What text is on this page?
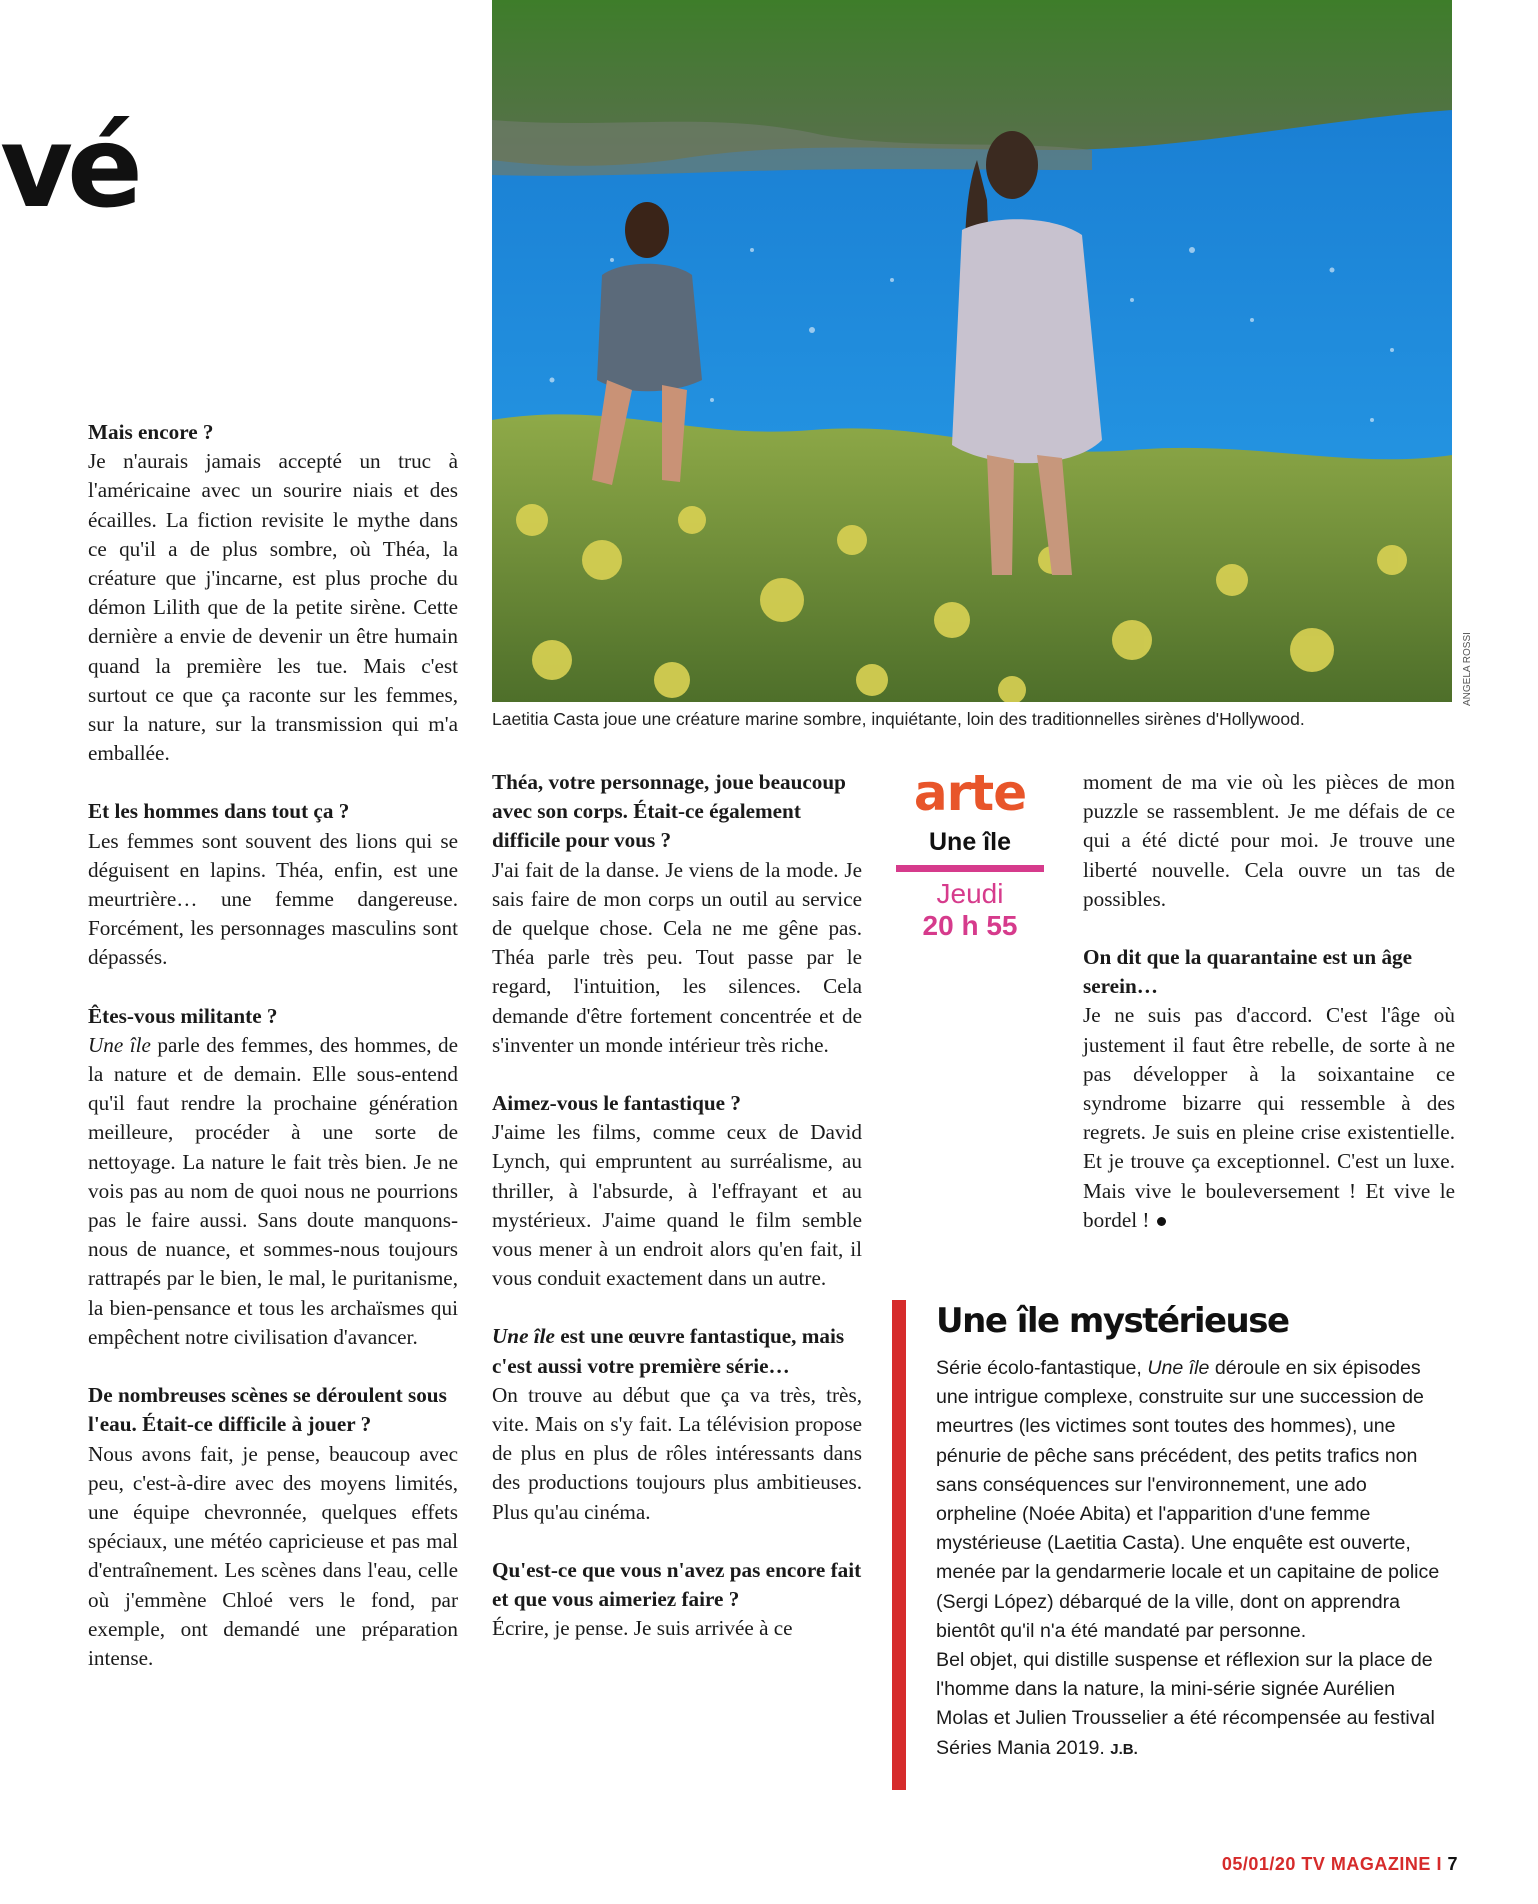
vé
ANGELA ROSSI
Laetitia Casta joue une créature marine sombre, inquiétante, loin des traditionnelles sirènes d'Hollywood.

Mais encore ?
Je n'aurais jamais accepté un truc à l'américaine avec un sourire niais et des écailles. La fiction revisite le mythe dans ce qu'il a de plus sombre, où Théa, la créature que j'incarne, est plus proche du démon Lilith que de la petite sirène. Cette dernière a envie de devenir un être humain quand la première les tue. Mais c'est surtout ce que ça raconte sur les femmes, sur la nature, sur la transmission qui m'a emballée.

Et les hommes dans tout ça ?
Les femmes sont souvent des lions qui se déguisent en lapins. Théa, enfin, est une meurtrière… une femme dangereuse. Forcément, les personnages masculins sont dépassés.

Êtes-vous militante ?
Une île parle des femmes, des hommes, de la nature et de demain. Elle sous-entend qu'il faut rendre la prochaine génération meilleure, procéder à une sorte de nettoyage. La nature le fait très bien. Je ne vois pas au nom de quoi nous ne pourrions pas le faire aussi. Sans doute manquons-nous de nuance, et sommes-nous toujours rattrapés par le bien, le mal, le puritanisme, la bien-pensance et tous les archaïsmes qui empêchent notre civilisation d'avancer.

De nombreuses scènes se déroulent sous l'eau. Était-ce difficile à jouer ?
Nous avons fait, je pense, beaucoup avec peu, c'est-à-dire avec des moyens limités, une équipe chevronnée, quelques effets spéciaux, une météo capricieuse et pas mal d'entraînement. Les scènes dans l'eau, celle où j'emmène Chloé vers le fond, par exemple, ont demandé une préparation intense.

Théa, votre personnage, joue beaucoup avec son corps. Était-ce également difficile pour vous ?
J'ai fait de la danse. Je viens de la mode. Je sais faire de mon corps un outil au service de quelque chose. Cela ne me gêne pas. Théa parle très peu. Tout passe par le regard, l'intuition, les silences. Cela demande d'être fortement concentrée et de s'inventer un monde intérieur très riche.

Aimez-vous le fantastique ?
J'aime les films, comme ceux de David Lynch, qui empruntent au surréalisme, au thriller, à l'absurde, à l'effrayant et au mystérieux. J'aime quand le film semble vous mener à un endroit alors qu'en fait, il vous conduit exactement dans un autre.

Une île est une œuvre fantastique, mais c'est aussi votre première série…
On trouve au début que ça va très, très, vite. Mais on s'y fait. La télévision propose de plus en plus de rôles intéressants dans des productions toujours plus ambitieuses. Plus qu'au cinéma.

Qu'est-ce que vous n'avez pas encore fait et que vous aimeriez faire ?
Écrire, je pense. Je suis arrivée à ce

arte
Une île
Jeudi
20 h 55

moment de ma vie où les pièces de mon puzzle se rassemblent. Je me défais de ce qui a été dicté pour moi. Je trouve une liberté nouvelle. Cela ouvre un tas de possibles.

On dit que la quarantaine est un âge serein…
Je ne suis pas d'accord. C'est l'âge où justement il faut être rebelle, de sorte à ne pas développer à la soixantaine ce syndrome bizarre qui ressemble à des regrets. Je suis en pleine crise existentielle. Et je trouve ça exceptionnel. C'est un luxe. Mais vive le bouleversement ! Et vive le bordel !

Une île mystérieuse
Série écolo-fantastique, Une île déroule en six épisodes une intrigue complexe, construite sur une succession de meurtres (les victimes sont toutes des hommes), une pénurie de pêche sans précédent, des petits trafics non sans conséquences sur l'environnement, une ado orpheline (Noée Abita) et l'apparition d'une femme mystérieuse (Laetitia Casta). Une enquête est ouverte, menée par la gendarmerie locale et un capitaine de police (Sergi López) débarqué de la ville, dont on apprendra bientôt qu'il n'a été mandaté par personne.
Bel objet, qui distille suspense et réflexion sur la place de l'homme dans la nature, la mini-série signée Aurélien Molas et Julien Trousselier a été récompensée au festival Séries Mania 2019. J.B.
05/01/20 TV MAGAZINE I 7
